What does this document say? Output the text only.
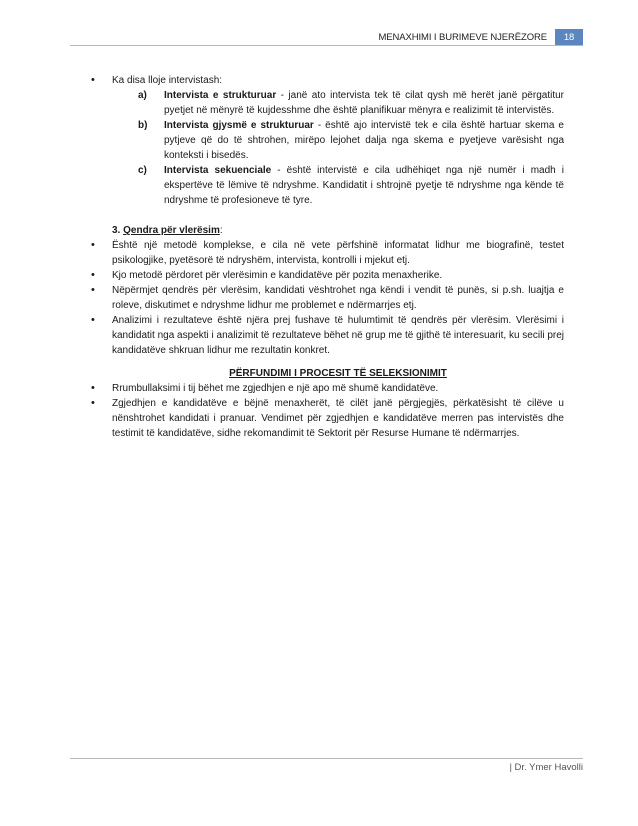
MENAXHIMI I BURIMEVE NJERËZORE	18
• Ka disa lloje intervistash:
a) Intervista e strukturuar - janë ato intervista tek të cilat qysh më herët janë përgatitur pyetjet në mënyrë të kujdesshme dhe është planifikuar mënyra e realizimit të intervistës.
b) Intervista gjysmë e strukturuar - është ajo intervistë tek e cila është hartuar skema e pytjeve që do të shtrohen, mirëpo lejohet dalja nga skema e pyetjeve varësisht nga konteksti i bisedës.
c) Intervista sekuenciale - është intervistë e cila udhëhiqet nga një numër i madh i ekspertëve të lëmive të ndryshme. Kandidatit i shtrojnë pyetje të ndryshme nga kënde të ndryshme të profesioneve të tyre.
3. Qendra për vlerësim:
• Është një metodë komplekse, e cila në vete përfshinë informatat lidhur me biografinë, testet psikologjike, pyetësorë të ndryshëm, intervista, kontrolli i mjekut etj.
• Kjo metodë përdoret për vlerësimin e kandidatëve për pozita menaxherike.
• Nëpërmjet qendrës për vlerësim, kandidati vështrohet nga këndi i vendit të punës, si p.sh. luajtja e roleve, diskutimet e ndryshme lidhur me problemet e ndërmarrjes etj.
• Analizimi i rezultateve është njëra prej fushave të hulumtimit të qendrës për vlerësim. Vlerësimi i kandidatit nga aspekti i analizimit të rezultateve bëhet në grup me të gjithë të interesuarit, ku secili prej kandidatëve shkruan lidhur me rezultatin konkret.
PËRFUNDIMI I PROCESIT TË SELEKSIONIMIT
• Rrumbullaksimi i tij bëhet me zgjedhjen e një apo më shumë kandidatëve.
• Zgjedhjen e kandidatëve e bëjnë menaxherët, të cilët janë përgjegjës, përkatësisht të cilëve u nënshtrohet kandidati i pranuar. Vendimet për zgjedhjen e kandidatëve merren pas intervistës dhe testimit të kandidatëve, sidhe rekomandimit të Sektorit për Resurse Humane të ndërmarrjes.
| Dr. Ymer Havolli
